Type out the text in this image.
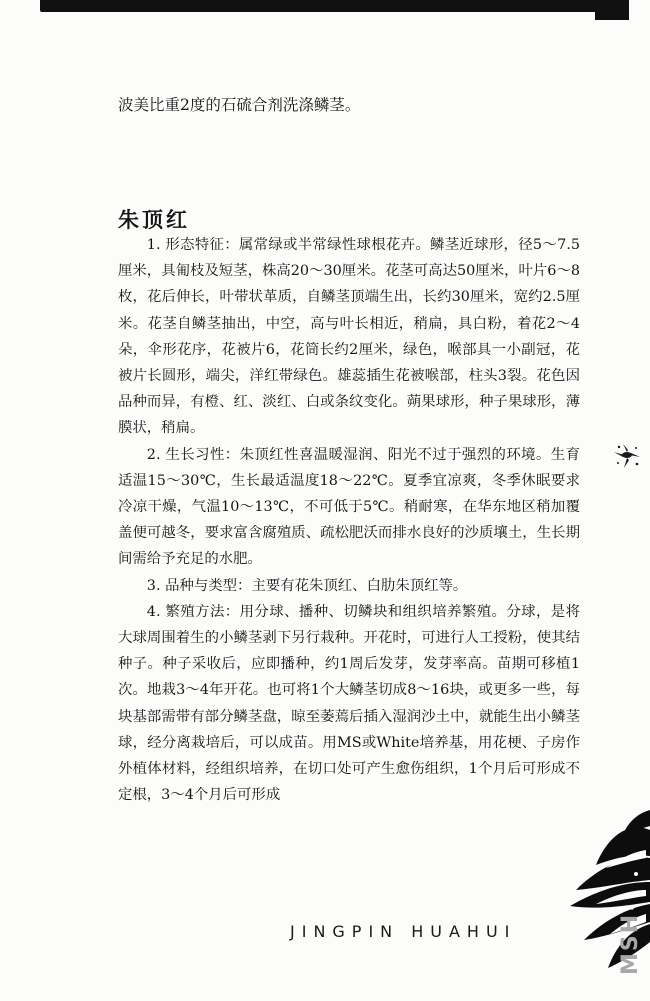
波美比重2度的石硫合剂洗涤鳞茎。

朱顶红

1. 形态特征：属常绿或半常绿性球根花卉。鳞茎近球形，径5～7.5厘米，具匍枝及短茎，株高20～30厘米。花茎可高达50厘米，叶片6～8枚，花后伸长，叶带状革质，自鳞茎顶端生出，长约30厘米，宽约2.5厘米。花茎自鳞茎抽出，中空，高与叶长相近，稍扁，具白粉，着花2～4朵，伞形花序，花被片6，花筒长约2厘米，绿色，喉部具一小副冠，花被片长圆形，端尖，洋红带绿色。雄蕊插生花被喉部，柱头3裂。花色因品种而异，有橙、红、淡红、白或条纹变化。蒴果球形，种子果球形，薄膜状，稍扁。

2. 生长习性：朱顶红性喜温暖湿润、阳光不过于强烈的环境。生育适温15～30℃，生长最适温度18～22℃。夏季宜凉爽，冬季休眠要求冷凉干燥，气温10～13℃，不可低于5℃。稍耐寒，在华东地区稍加覆盖便可越冬，要求富含腐殖质、疏松肥沃而排水良好的沙质壤土，生长期间需给予充足的水肥。

3. 品种与类型：主要有花朱顶红、白肋朱顶红等。

4. 繁殖方法：用分球、播种、切鳞块和组织培养繁殖。分球，是将大球周围着生的小鳞茎剥下另行栽种。开花时，可进行人工授粉，使其结种子。种子采收后，应即播种，约1周后发芽，发芽率高。苗期可移植1次。地栽3～4年开花。也可将1个大鳞茎切成8～16块，或更多一些，每块基部需带有部分鳞茎盘，晾至萎蔫后插入湿润沙土中，就能生出小鳞茎球，经分离栽培后，可以成苗。用MS或White培养基，用花梗、子房作外植体材料，经组织培养，在切口处可产生愈伤组织，1个月后可形成不定根，3～4个月后可形成

JINGPIN HUAHUI	MSH
